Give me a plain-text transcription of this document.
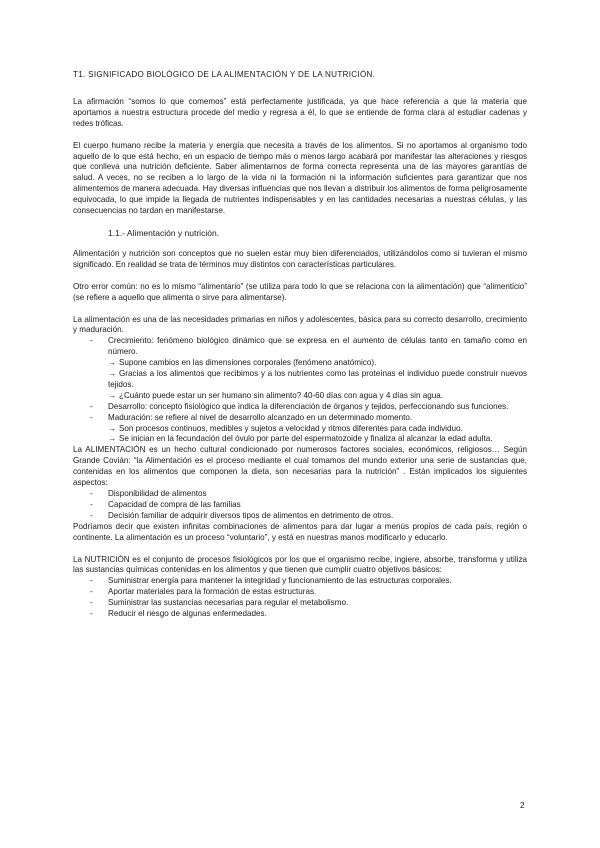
T1. SIGNIFICADO BIOLÓGICO DE LA ALIMENTACIÓN Y DE LA NUTRICIÓN.

La afirmación “somos lo que comemos” está perfectamente justificada, ya que hace referencia a que la materia que aportamos a nuestra estructura procede del medio y regresa a él, lo que se entiende de forma clara al estudiar cadenas y redes tróficas.

El cuerpo humano recibe la materia y energía que necesita a través de los alimentos. Si no aportamos al organismo todo aquello de lo que está hecho, en un espacio de tiempo más o menos largo acabará por manifestar las alteraciones y riesgos que conlleva una nutrición deficiente. Saber alimentarnos de forma correcta representa una de las mayores garantías de salud. A veces, no se reciben a lo largo de la vida ni la formación ni la información suficientes para garantizar que nos alimentemos de manera adecuada. Hay diversas influencias que nos llevan a distribuir los alimentos de forma peligrosamente equivocada, lo que impide la llegada de nutrientes indispensables y en las cantidades necesarias a nuestras células, y las consecuencias no tardan en manifestarse.

1.1.- Alimentación y nutrición.

Alimentación y nutrición son conceptos que no suelen estar muy bien diferenciados, utilizándolos como si tuvieran el mismo significado. En realidad se trata de términos muy distintos con características particulares.

Otro error común: no es lo mismo “alimentario” (se utiliza para todo lo que se relaciona con la alimentación) que “alimenticio” (se refiere a aquello que alimenta o sirve para alimentarse).

La alimentación es una de las necesidades primarias en niños y adolescentes, básica para su correcto desarrollo, crecimiento y maduración.

- Crecimiento: fenómeno biológico dinámico que se expresa en el aumento de células tanto en tamaño como en número.
→ Supone cambios en las dimensiones corporales (fenómeno anatómico).
→ Gracias a los alimentos que recibimos y a los nutrientes como las proteínas el individuo puede construir nuevos tejidos.
→ ¿Cuánto puede estar un ser humano sin alimento? 40-60 días con agua y 4 días sin agua.
- Desarrollo: concepto fisiológico que indica la diferenciación de órganos y tejidos, perfeccionando sus funciones.
- Maduración: se refiere al nivel de desarrollo alcanzado en un determinado momento.
→ Son procesos continuos, medibles y sujetos a velocidad y ritmos diferentes para cada individuo.
→ Se inician en la fecundación del óvulo por parte del espermatozoide y finaliza al alcanzar la edad adulta.

La ALIMENTACIÓN es un hecho cultural condicionado por numerosos factores sociales, económicos, religiosos… Según Grande Covián: “la Alimentación es el proceso mediante el cual tomamos del mundo exterior una serie de sustancias que, contenidas en los alimentos que componen la dieta, son necesarias para la nutrición” . Están implicados los siguientes aspectos:

- Disponibilidad de alimentos
- Capacidad de compra de las familias
- Decisión familiar de adquirir diversos tipos de alimentos en detrimento de otros.

Podríamos decir que existen infinitas combinaciones de alimentos para dar lugar a menús propios de cada país, región o continente. La alimentación es un proceso “voluntario”, y está en nuestras manos modificarlo y educarlo.

La NUTRICIÓN es el conjunto de procesos fisiológicos por los que el organismo recibe, ingiere, absorbe, transforma y utiliza las sustancias químicas contenidas en los alimentos y que tienen que cumplir cuatro objetivos básicos:

- Suministrar energía para mantener la integridad y funcionamiento de las estructuras corporales.
- Aportar materiales para la formación de estas estructuras.
- Suministrar las sustancias necesarias para regular el metabolismo.
- Reducir el riesgo de algunas enfermedades.
2
